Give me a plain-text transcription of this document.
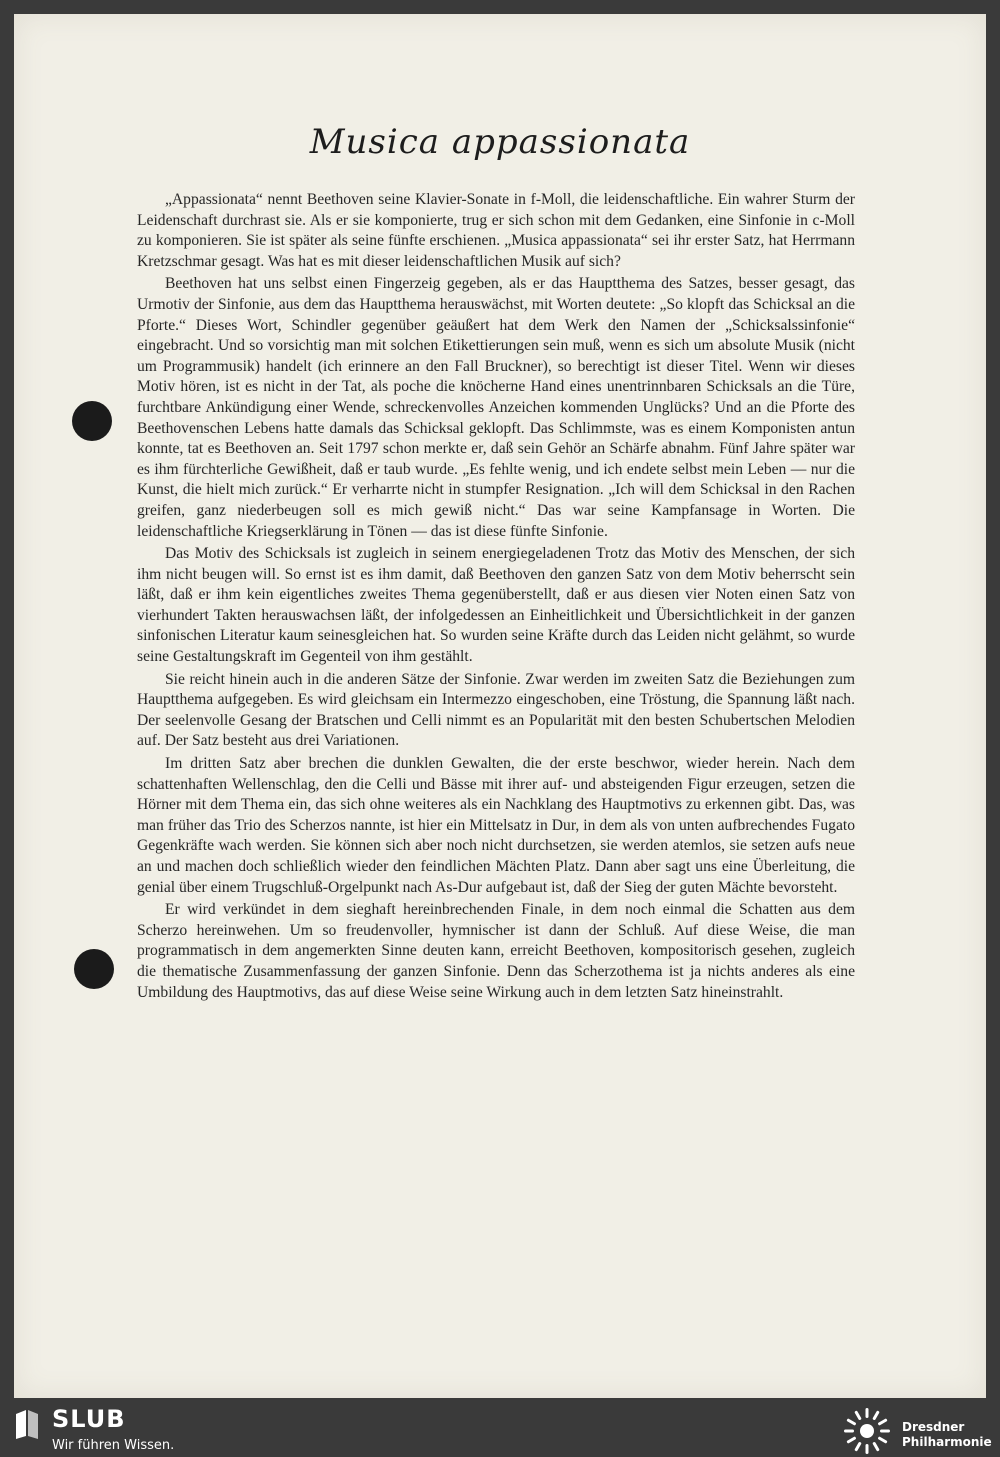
Musica appassionata

„Appassionata“ nennt Beethoven seine Klavier-Sonate in f-Moll, die leidenschaftliche. Ein wahrer Sturm der Leidenschaft durchrast sie. Als er sie komponierte, trug er sich schon mit dem Gedanken, eine Sinfonie in c-Moll zu komponieren. Sie ist später als seine fünfte erschienen. „Musica appassionata“ sei ihr erster Satz, hat Herrmann Kretzschmar gesagt. Was hat es mit dieser leidenschaftlichen Musik auf sich?

Beethoven hat uns selbst einen Fingerzeig gegeben, als er das Hauptthema des Satzes, besser gesagt, das Urmotiv der Sinfonie, aus dem das Hauptthema herauswächst, mit Worten deutete: „So klopft das Schicksal an die Pforte.“ Dieses Wort, Schindler gegenüber geäußert hat dem Werk den Namen der „Schicksalssinfonie“ eingebracht. Und so vorsichtig man mit solchen Etikettierungen sein muß, wenn es sich um absolute Musik (nicht um Programmusik) handelt (ich erinnere an den Fall Bruckner), so berechtigt ist dieser Titel. Wenn wir dieses Motiv hören, ist es nicht in der Tat, als poche die knöcherne Hand eines unentrinnbaren Schicksals an die Türe, furchtbare Ankündigung einer Wende, schreckenvolles Anzeichen kommenden Unglücks? Und an die Pforte des Beethovenschen Lebens hatte damals das Schicksal geklopft. Das Schlimmste, was es einem Komponisten antun konnte, tat es Beethoven an. Seit 1797 schon merkte er, daß sein Gehör an Schärfe abnahm. Fünf Jahre später war es ihm fürchterliche Gewißheit, daß er taub wurde. „Es fehlte wenig, und ich endete selbst mein Leben — nur die Kunst, die hielt mich zurück.“ Er verharrte nicht in stumpfer Resignation. „Ich will dem Schicksal in den Rachen greifen, ganz niederbeugen soll es mich gewiß nicht.“ Das war seine Kampfansage in Worten. Die leidenschaftliche Kriegserklärung in Tönen — das ist diese fünfte Sinfonie.

Das Motiv des Schicksals ist zugleich in seinem energiegeladenen Trotz das Motiv des Menschen, der sich ihm nicht beugen will. So ernst ist es ihm damit, daß Beethoven den ganzen Satz von dem Motiv beherrscht sein läßt, daß er ihm kein eigentliches zweites Thema gegenüberstellt, daß er aus diesen vier Noten einen Satz von vierhundert Takten herauswachsen läßt, der infolgedessen an Einheitlichkeit und Übersichtlichkeit in der ganzen sinfonischen Literatur kaum seinesgleichen hat. So wurden seine Kräfte durch das Leiden nicht gelähmt, so wurde seine Gestaltungskraft im Gegenteil von ihm gestählt.

Sie reicht hinein auch in die anderen Sätze der Sinfonie. Zwar werden im zweiten Satz die Beziehungen zum Hauptthema aufgegeben. Es wird gleichsam ein Intermezzo eingeschoben, eine Tröstung, die Spannung läßt nach. Der seelenvolle Gesang der Bratschen und Celli nimmt es an Popularität mit den besten Schubertschen Melodien auf. Der Satz besteht aus drei Variationen.

Im dritten Satz aber brechen die dunklen Gewalten, die der erste beschwor, wieder herein. Nach dem schattenhaften Wellenschlag, den die Celli und Bässe mit ihrer auf- und absteigenden Figur erzeugen, setzen die Hörner mit dem Thema ein, das sich ohne weiteres als ein Nachklang des Hauptmotivs zu erkennen gibt. Das, was man früher das Trio des Scherzos nannte, ist hier ein Mittelsatz in Dur, in dem als von unten aufbrechendes Fugato Gegenkräfte wach werden. Sie können sich aber noch nicht durchsetzen, sie werden atemlos, sie setzen aufs neue an und machen doch schließlich wieder den feindlichen Mächten Platz. Dann aber sagt uns eine Überleitung, die genial über einem Trugschluß-Orgelpunkt nach As-Dur aufgebaut ist, daß der Sieg der guten Mächte bevorsteht.

Er wird verkündet in dem sieghaft hereinbrechenden Finale, in dem noch einmal die Schatten aus dem Scherzo hereinwehen. Um so freudenvoller, hymnischer ist dann der Schluß. Auf diese Weise, die man programmatisch in dem angemerkten Sinne deuten kann, erreicht Beethoven, kompositorisch gesehen, zugleich die thematische Zusammenfassung der ganzen Sinfonie. Denn das Scherzothema ist ja nichts anderes als eine Umbildung des Hauptmotivs, das auf diese Weise seine Wirkung auch in dem letzten Satz hineinstrahlt.

SLUB
Wir führen Wissen.
Dresdner
Philharmonie
